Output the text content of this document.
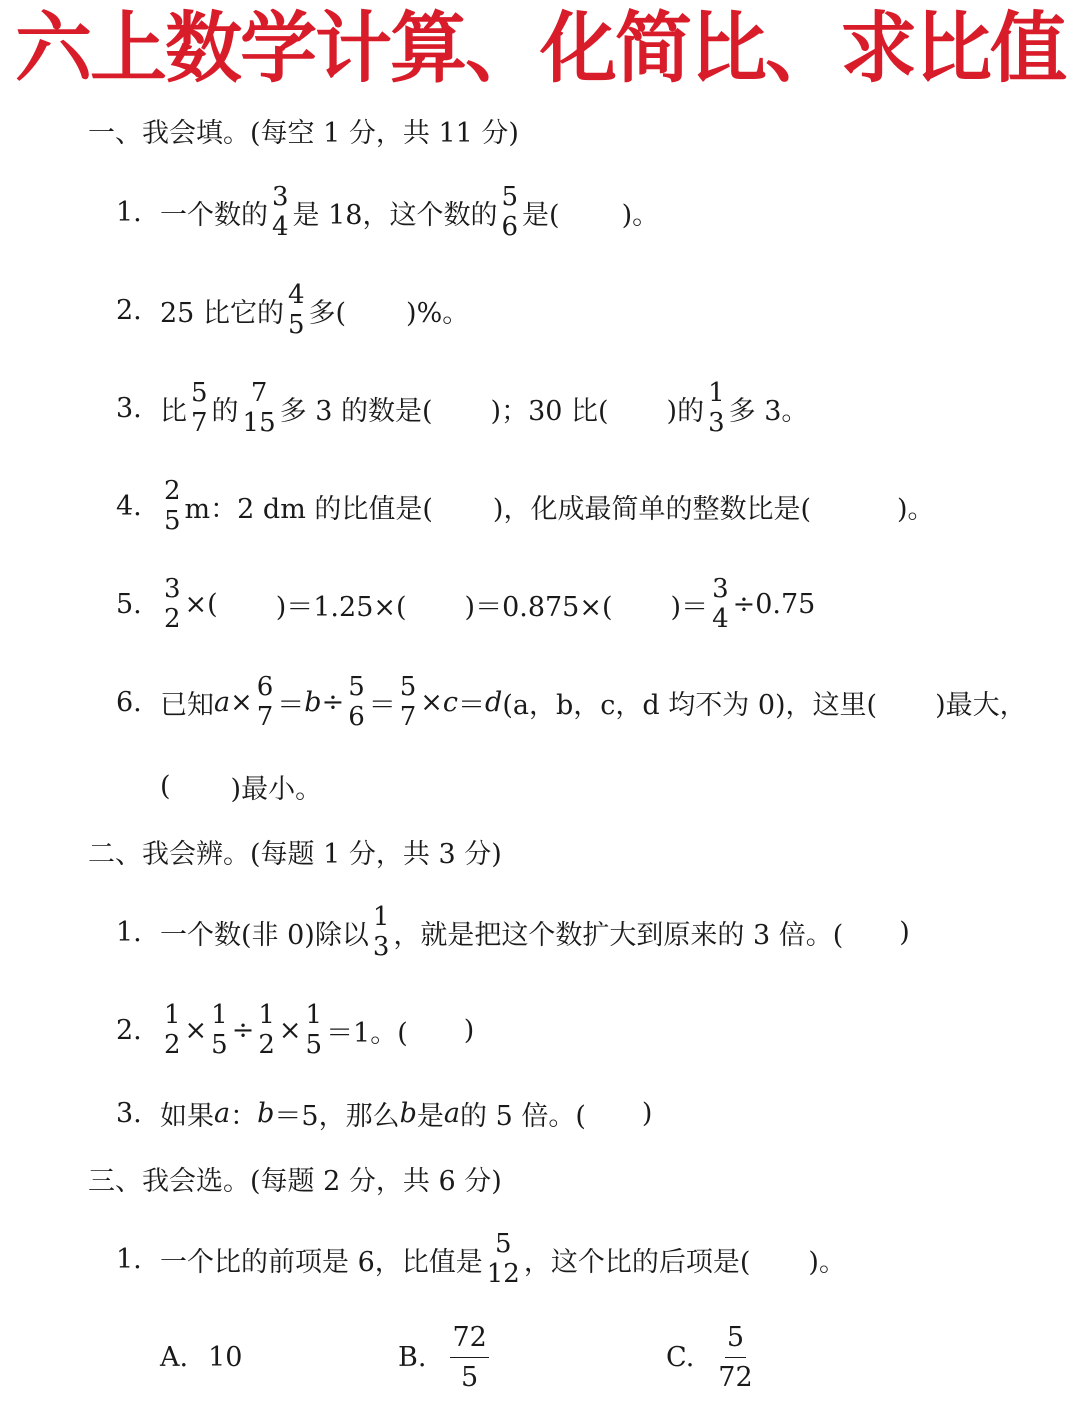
六上数学计算、化简比、求比值
一、我会填。(每空 1 分，共 11 分)
1. 一个数的
3
4 是 18，这个数的
5
6 是( )。
2. 25 比它的
4
5 多( )%。
3. 比
5
7 的
7
15 多 3 的数是( )；30 比( )的
1
3 多 3。
4. 2
5 m：2 dm 的比值是( )，化成最简单的整数比是(	)。
5. 3
2 ×( )＝1.25×( )＝0.875×( )＝
3
4 ÷0.75
6. 已知 a × 6
7 ＝ b ÷ 5
6 ＝
5
7 × c ＝ d (a，b，c，d 均不为 0)，这里( )最大，
( )最小。
二、我会辨。(每题 1 分，共 3 分)
1. 一个数(非 0)除以
1
3 ，就是把这个数扩大到原来的 3 倍。( )
2. 1
2 × 1
5 ÷ 1
2 × 1
5 ＝1。( )
3. 如果 a ： b ＝5，那么 b 是 a 的 5 倍。( )
三、我会选。(每题 2 分，共 6 分)
1. 一个比的前项是 6，比值是
5
12 ，这个比的后项是( )。
A. 10	B. $\frac{72}{5}$	C. $\frac{5}{72}$
